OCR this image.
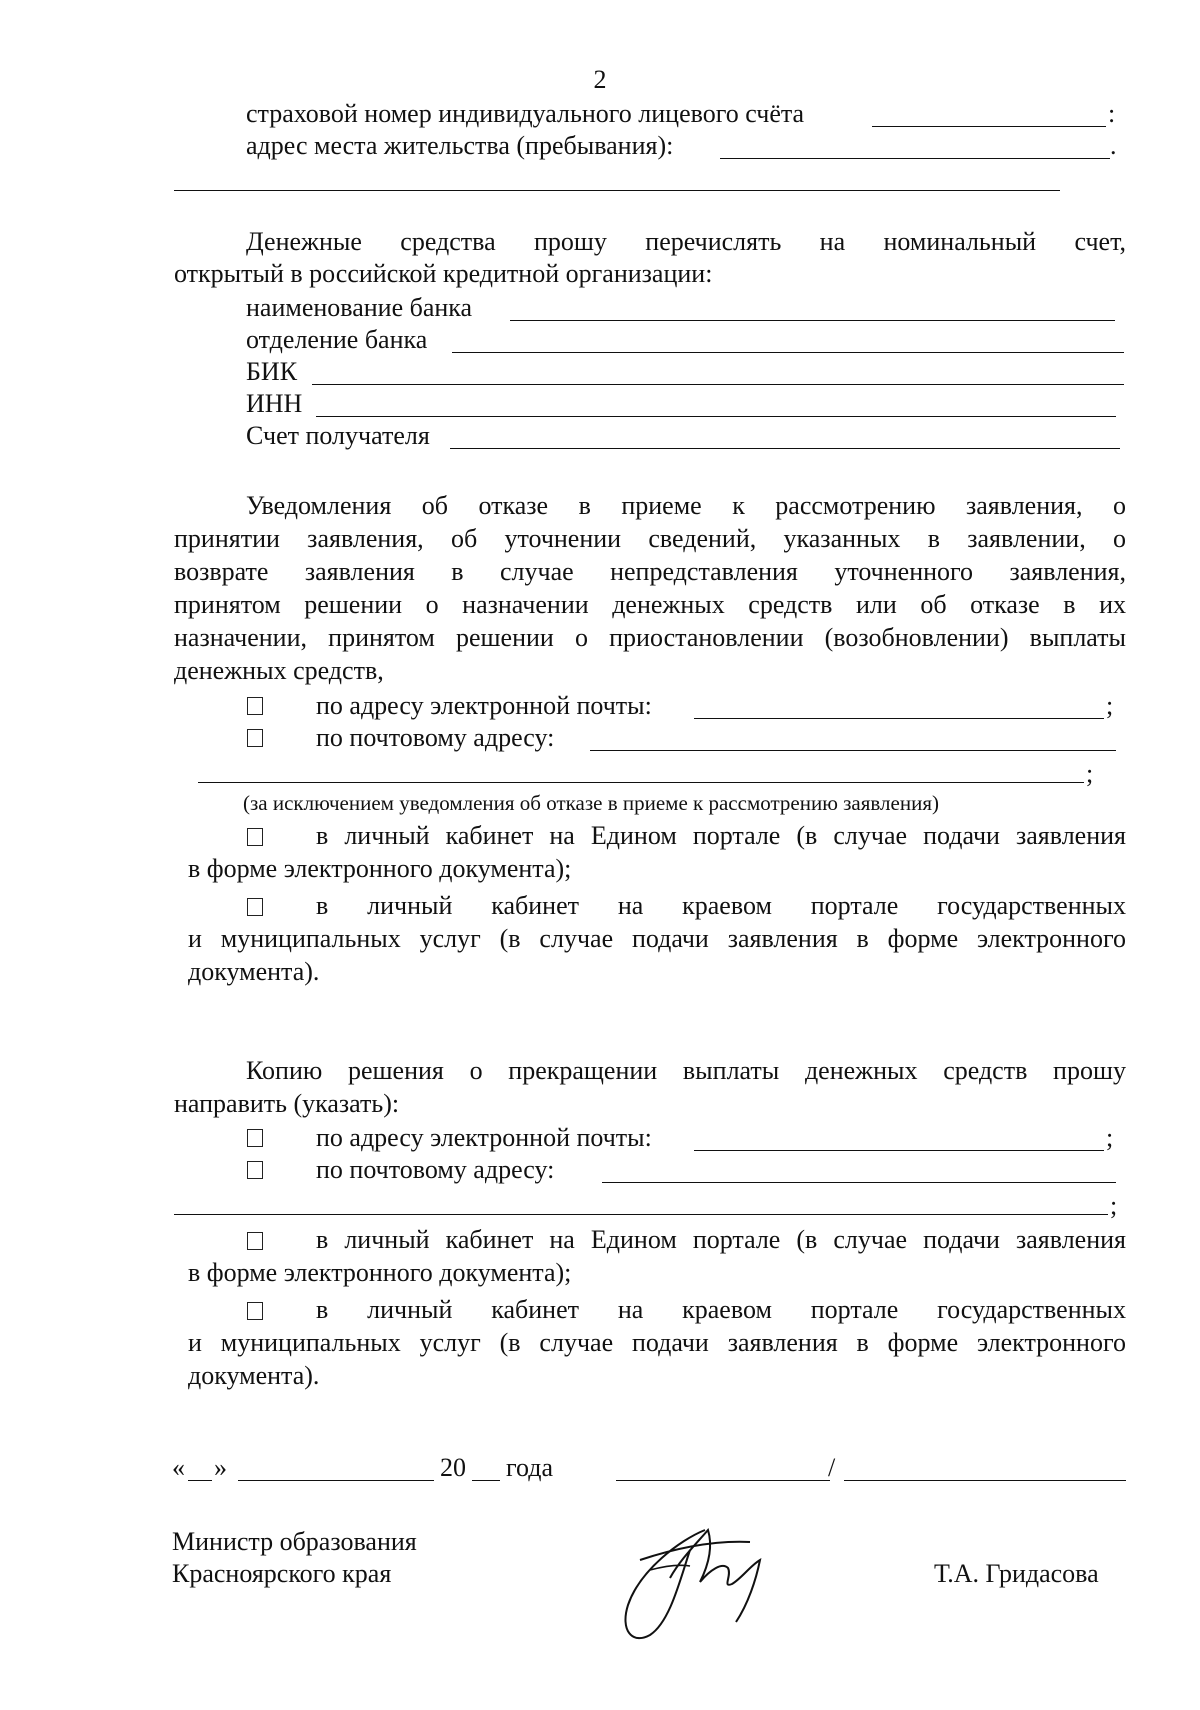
2
страховой номер индивидуального лицевого счёта	:
адрес места жительства (пребывания):	.
Денежные средства прошу перечислять на номинальный счет,
открытый в российской кредитной организации:
наименование банка
отделение банка
БИК
ИНН
Счет получателя
Уведомления об отказе в приеме к рассмотрению заявления, о
принятии заявления, об уточнении сведений, указанных в заявлении, о
возврате заявления в случае непредставления уточненного заявления,
принятом решении о назначении денежных средств или об отказе в их
назначении, принятом решении о приостановлении (возобновлении) выплаты
денежных средств,
по адресу электронной почты:	;
по почтовому адресу:
;
(за исключением уведомления об отказе в приеме к рассмотрению заявления)
в личный кабинет на Едином портале (в случае подачи заявления
в форме электронного документа);
в личный кабинет на краевом портале государственных
и муниципальных услуг (в случае подачи заявления в форме электронного
документа).
Копию решения о прекращении выплаты денежных средств прошу
направить (указать):
по адресу электронной почты:	;
по почтовому адресу:
;
в личный кабинет на Едином портале (в случае подачи заявления
в форме электронного документа);
в личный кабинет на краевом портале государственных
и муниципальных услуг (в случае подачи заявления в форме электронного
документа).
« »	20 года	/
Министр образования
Красноярского края	Т.А. Гридасова
